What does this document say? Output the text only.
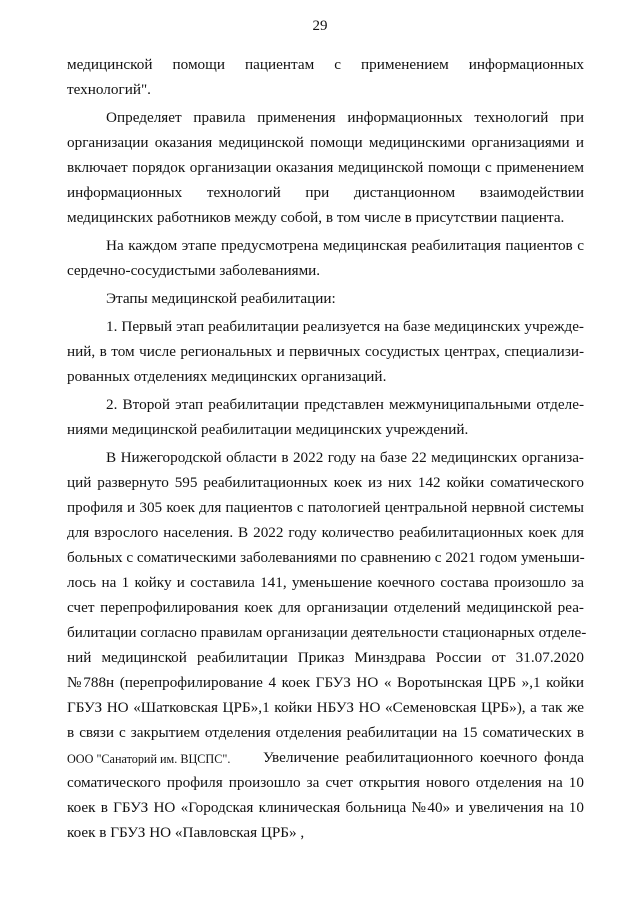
29
медицинской помощи пациентам с применением информационных
технологий".
Определяет правила применения информационных технологий при
организации оказания медицинской помощи медицинскими организациями и
включает порядок организации оказания медицинской помощи с применением
информационных технологий при дистанционном взаимодействии
медицинских работников между собой, в том числе в присутствии пациента.
На каждом этапе предусмотрена медицинская реабилитация пациентов с
сердечно-сосудистыми заболеваниями.
Этапы медицинской реабилитации:
1. Первый этап реабилитации реализуется на базе медицинских учрежде-
ний, в том числе региональных и первичных сосудистых центрах, специализи-
рованных отделениях медицинских организаций.
2. Второй этап реабилитации представлен межмуниципальными отделе-
ниями медицинской реабилитации медицинских учреждений.
В Нижегородской области в 2022 году на базе 22 медицинских организа-
ций развернуто 595 реабилитационных коек из них 142 койки соматического
профиля и 305 коек для пациентов с патологией центральной нервной системы
для взрослого населения. В 2022 году количество реабилитационных коек для
больных с соматическими заболеваниями по сравнению с 2021 годом уменьши-
лось на 1 койку и составила 141, уменьшение коечного состава произошло за
счет перепрофилирования коек для организации отделений медицинской реа-
билитации согласно правилам организации деятельности стационарных отделе-
ний медицинской реабилитации Приказ Минздрава России от 31.07.2020
№788н (перепрофилирование 4 коек ГБУЗ НО « Воротынская ЦРБ »,1 койки
ГБУЗ НО «Шатковская ЦРБ»,1 койки НБУЗ НО «Семеновская ЦРБ»), а так же
в связи с закрытием отделения отделения реабилитации на 15 соматических в
ООО "Санаторий им. ВЦСПС".	Увеличение реабилитационного коечного фонда
соматического профиля произошло за счет открытия нового отделения на 10
коек в ГБУЗ НО «Городская клиническая больница №40» и увеличения на 10
коек в ГБУЗ НО «Павловская ЦРБ» ,
